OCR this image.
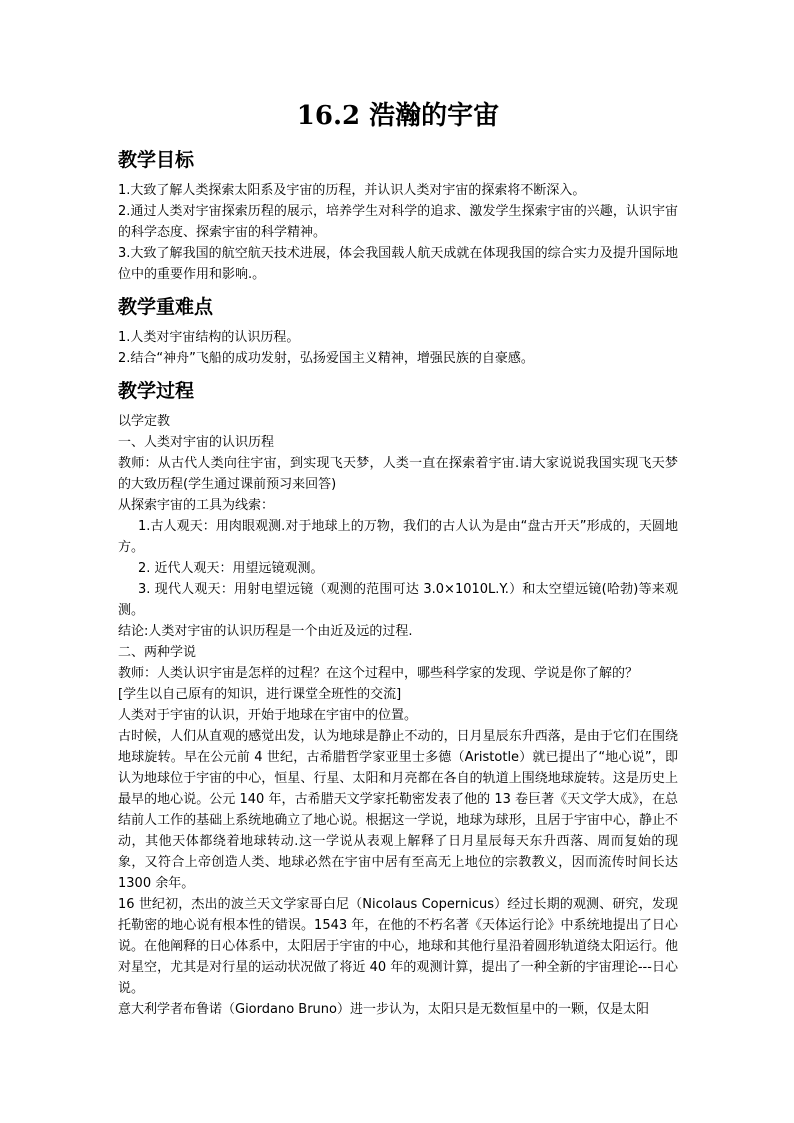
16.2 浩瀚的宇宙
教学目标

1.大致了解人类探索太阳系及宇宙的历程，并认识人类对宇宙的探索将不断深入。

2.通过人类对宇宙探索历程的展示，培养学生对科学的追求、激发学生探索宇宙的兴趣，认识宇宙的科学态度、探索宇宙的科学精神。

3.大致了解我国的航空航天技术进展，体会我国载人航天成就在体现我国的综合实力及提升国际地位中的重要作用和影响.。

教学重难点

1.人类对宇宙结构的认识历程。

2.结合“神舟”飞船的成功发射，弘扬爱国主义精神，增强民族的自豪感。

教学过程

以学定教

一、人类对宇宙的认识历程

教师：从古代人类向往宇宙，到实现飞天梦，人类一直在探索着宇宙.请大家说说我国实现飞天梦的大致历程(学生通过课前预习来回答)

从探索宇宙的工具为线索：

1.古人观天：用肉眼观测.对于地球上的万物，我们的古人认为是由“盘古开天”形成的，天圆地方。

2. 近代人观天：用望远镜观测。

3. 现代人观天：用射电望远镜（观测的范围可达 3.0×1010L.Y.）和太空望远镜(哈勃)等来观测。

结论:人类对宇宙的认识历程是一个由近及远的过程.

二、两种学说

教师：人类认识宇宙是怎样的过程？在这个过程中，哪些科学家的发现、学说是你了解的？

[学生以自己原有的知识，进行课堂全班性的交流]

人类对于宇宙的认识，开始于地球在宇宙中的位置。

古时候，人们从直观的感觉出发，认为地球是静止不动的，日月星辰东升西落，是由于它们在围绕地球旋转。早在公元前 4 世纪，古希腊哲学家亚里士多德（Aristotle）就已提出了“地心说”，即认为地球位于宇宙的中心，恒星、行星、太阳和月亮都在各自的轨道上围绕地球旋转。这是历史上最早的地心说。公元 140 年，古希腊天文学家托勒密发表了他的 13 卷巨著《天文学大成》，在总结前人工作的基础上系统地确立了地心说。根据这一学说，地球为球形，且居于宇宙中心，静止不动，其他天体都绕着地球转动.这一学说从表观上解释了日月星辰每天东升西落、周而复始的现象，又符合上帝创造人类、地球必然在宇宙中居有至高无上地位的宗教教义，因而流传时间长达 1300 余年。

16 世纪初，杰出的波兰天文学家哥白尼（Nicolaus Copernicus）经过长期的观测、研究，发现托勒密的地心说有根本性的错误。1543 年，在他的不朽名著《天体运行论》中系统地提出了日心说。在他阐释的日心体系中，太阳居于宇宙的中心，地球和其他行星沿着圆形轨道绕太阳运行。他对星空，尤其是对行星的运动状况做了将近 40 年的观测计算，提出了一种全新的宇宙理论---日心说。

意大利学者布鲁诺（Giordano Bruno）进一步认为，太阳只是无数恒星中的一颗，仅是太阳
